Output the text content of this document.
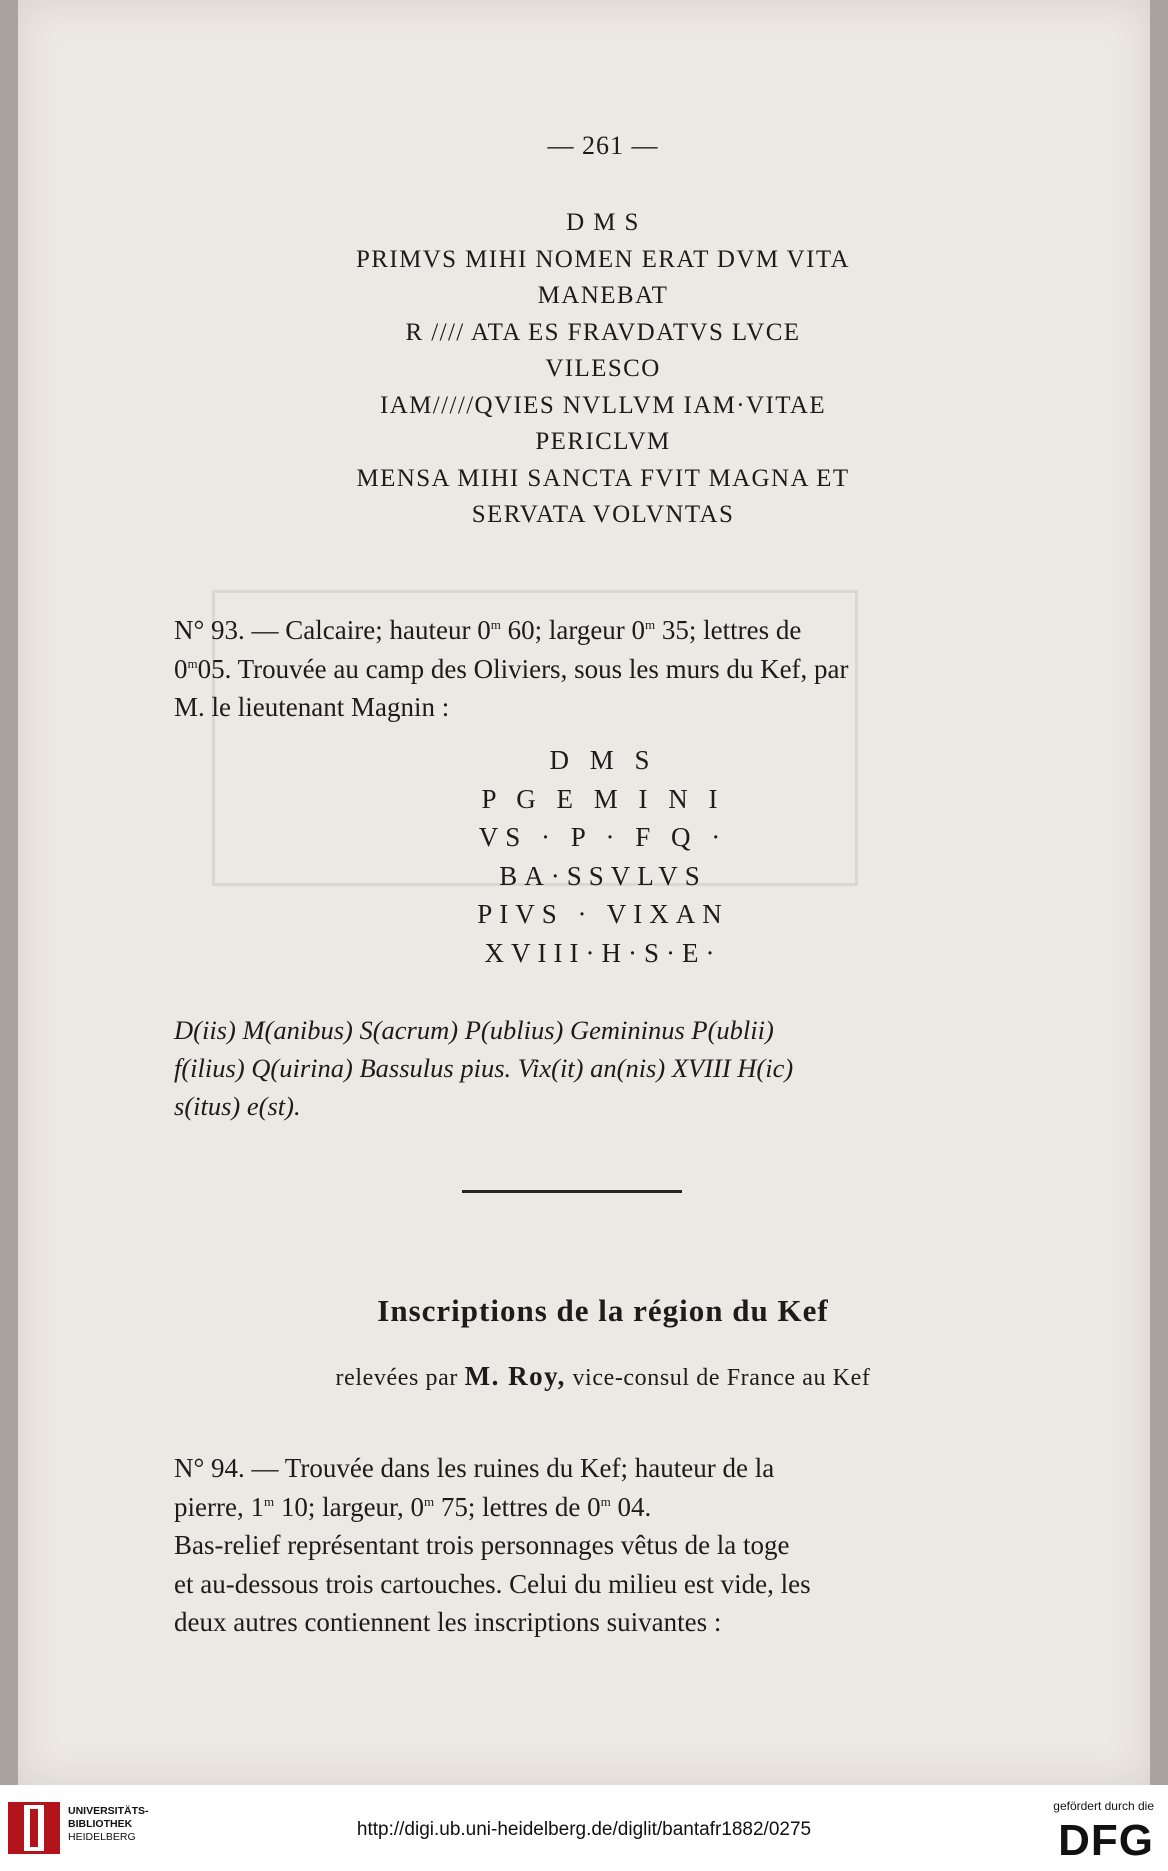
— 261 —
D M S
PRIMVS MIHI NOMEN ERAT DVM VITA
MANEBAT
R //// ATA ES FRAVDATVS LVCE
VILESCO
IAM/////QVIES NVLLVM IAM·VITAE
PERICLVM
MENSA MIHI SANCTA FVIT MAGNA ET
SERVATA VOLVNTAS
N° 93. — Calcaire; hauteur 0$^m$ 60; largeur 0$^m$ 35; lettres de
0$^m$05. Trouvée au camp des Oliviers, sous les murs du Kef, par
M. le lieutenant Magnin :
D M S
P G E M I N I
VS · P · F Q ·
BA·SSVLVS
PIVS · VIXAN
XVIII·H·S·E·
D(iis) M(anibus) S(acrum) P(ublius) Gemininus P(ublii)
f(ilius) Q(uirina) Bassulus pius. Vix(it) an(nis) XVIII H(ic)
s(itus) e(st).
Inscriptions de la région du Kef
relevées par M. Roy, vice-consul de France au Kef
N° 94. — Trouvée dans les ruines du Kef; hauteur de la
pierre, 1$^m$ 10; largeur, 0$^m$ 75; lettres de 0$^m$ 04.
Bas-relief représentant trois personnages vêtus de la toge
et au-dessous trois cartouches. Celui du milieu est vide, les
deux autres contiennent les inscriptions suivantes :
UNIVERSITÄTS-
BIBLIOTHEK
HEIDELBERG	http://digi.ub.uni-heidelberg.de/diglit/bantafr1882/0275
gefördert durch die
DFG
